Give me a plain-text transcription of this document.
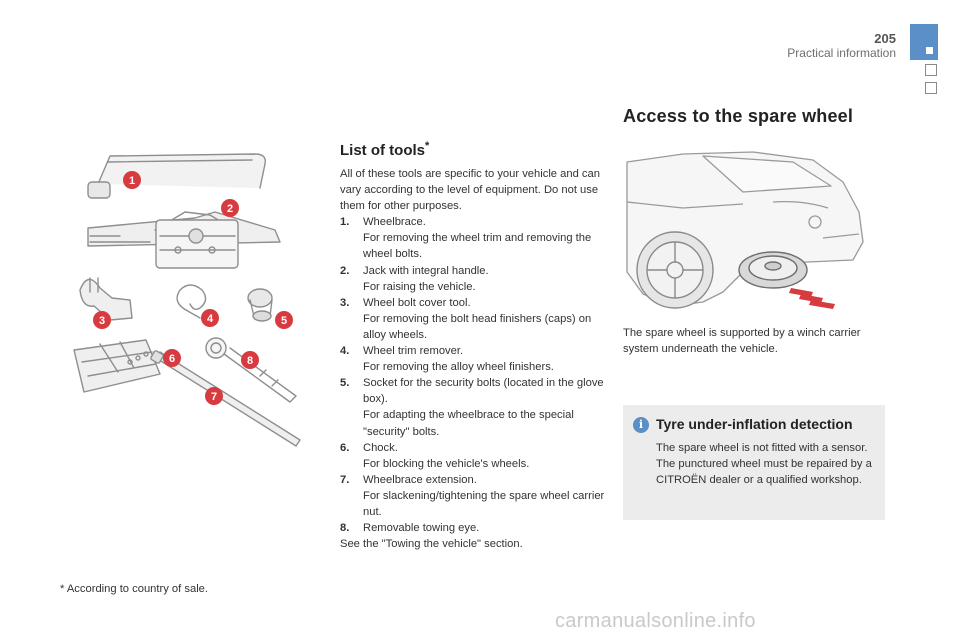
205
Practical information
1
2
3	4	5
6
7
8
List of tools*
All of these tools are specific to your vehicle and can vary according to the level of equipment. Do not use them for other purposes.
1.	Wheelbrace.
For removing the wheel trim and removing the wheel bolts.
2.	Jack with integral handle.
For raising the vehicle.
3.	Wheel bolt cover tool.
For removing the bolt head finishers (caps) on alloy wheels.
4.	Wheel trim remover.
For removing the alloy wheel finishers.
5.	Socket for the security bolts (located in the glove box).
For adapting the wheelbrace to the special "security" bolts.
6.	Chock.
For blocking the vehicle's wheels.
7.	Wheelbrace extension.
For slackening/tightening the spare wheel carrier nut.
8.	Removable towing eye.
See the "Towing the vehicle" section.
* According to country of sale.
Access to the spare wheel
The spare wheel is supported by a winch carrier system underneath the vehicle.
i Tyre under-inflation detection
The spare wheel is not fitted with a sensor. The punctured wheel must be repaired by a CITROËN dealer or a qualified workshop.
carmanualsonline.info
